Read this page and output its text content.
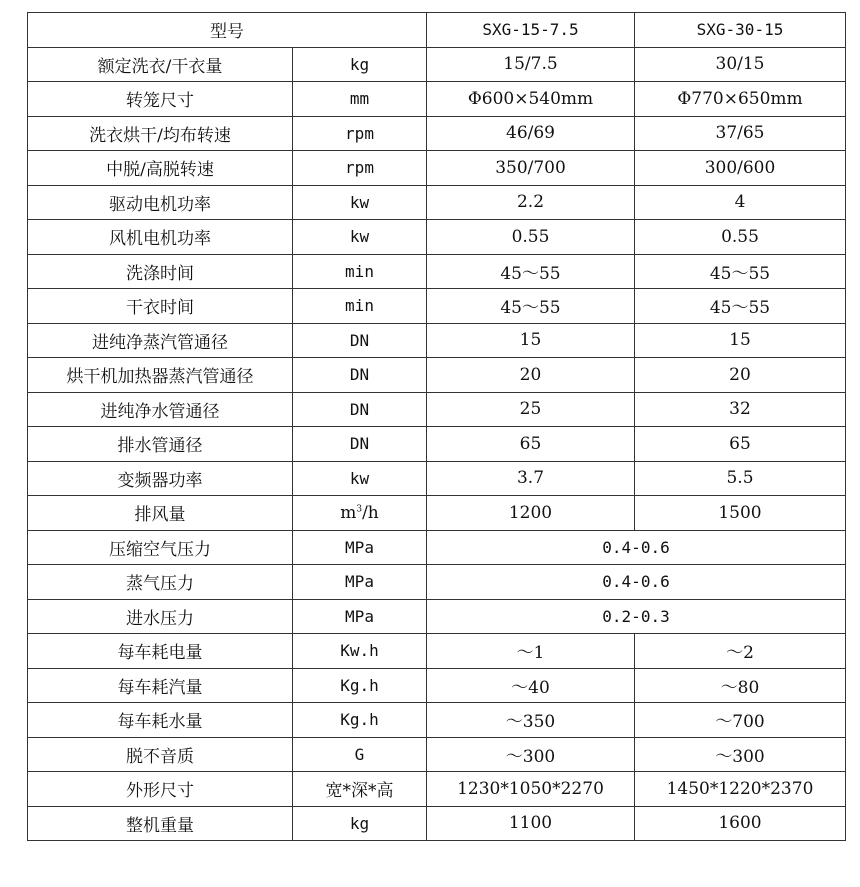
型号		SXG-15-7.5	SXG-30-15
额定洗衣/干衣量	kg	15/7.5	30/15
转笼尺寸	mm	Φ600×540mm	Φ770×650mm
洗衣烘干/均布转速	rpm	46/69	37/65
中脱/高脱转速	rpm	350/700	300/600
驱动电机功率	kw	2.2	4
风机电机功率	kw	0.55	0.55
洗涤时间	min	45～55	45～55
干衣时间	min	45～55	45～55
进纯净蒸汽管通径	DN	15	15
烘干机加热器蒸汽管通径	DN	20	20
进纯净水管通径	DN	25	32
排水管通径	DN	65	65
变频器功率	kw	3.7	5.5
排风量	$m^3/h$	1200	1500
压缩空气压力	MPa	0.4-0.6	
蒸气压力	MPa	0.4-0.6	
进水压力	MPa	0.2-0.3	
每车耗电量	Kw.h	～1	～2
每车耗汽量	Kg.h	～40	～80
每车耗水量	Kg.h	～350	～700
脱不音质	G	～300	～300
外形尺寸	宽*深*高	1230*1050*2270	1450*1220*2370
整机重量	kg	1100	1600
